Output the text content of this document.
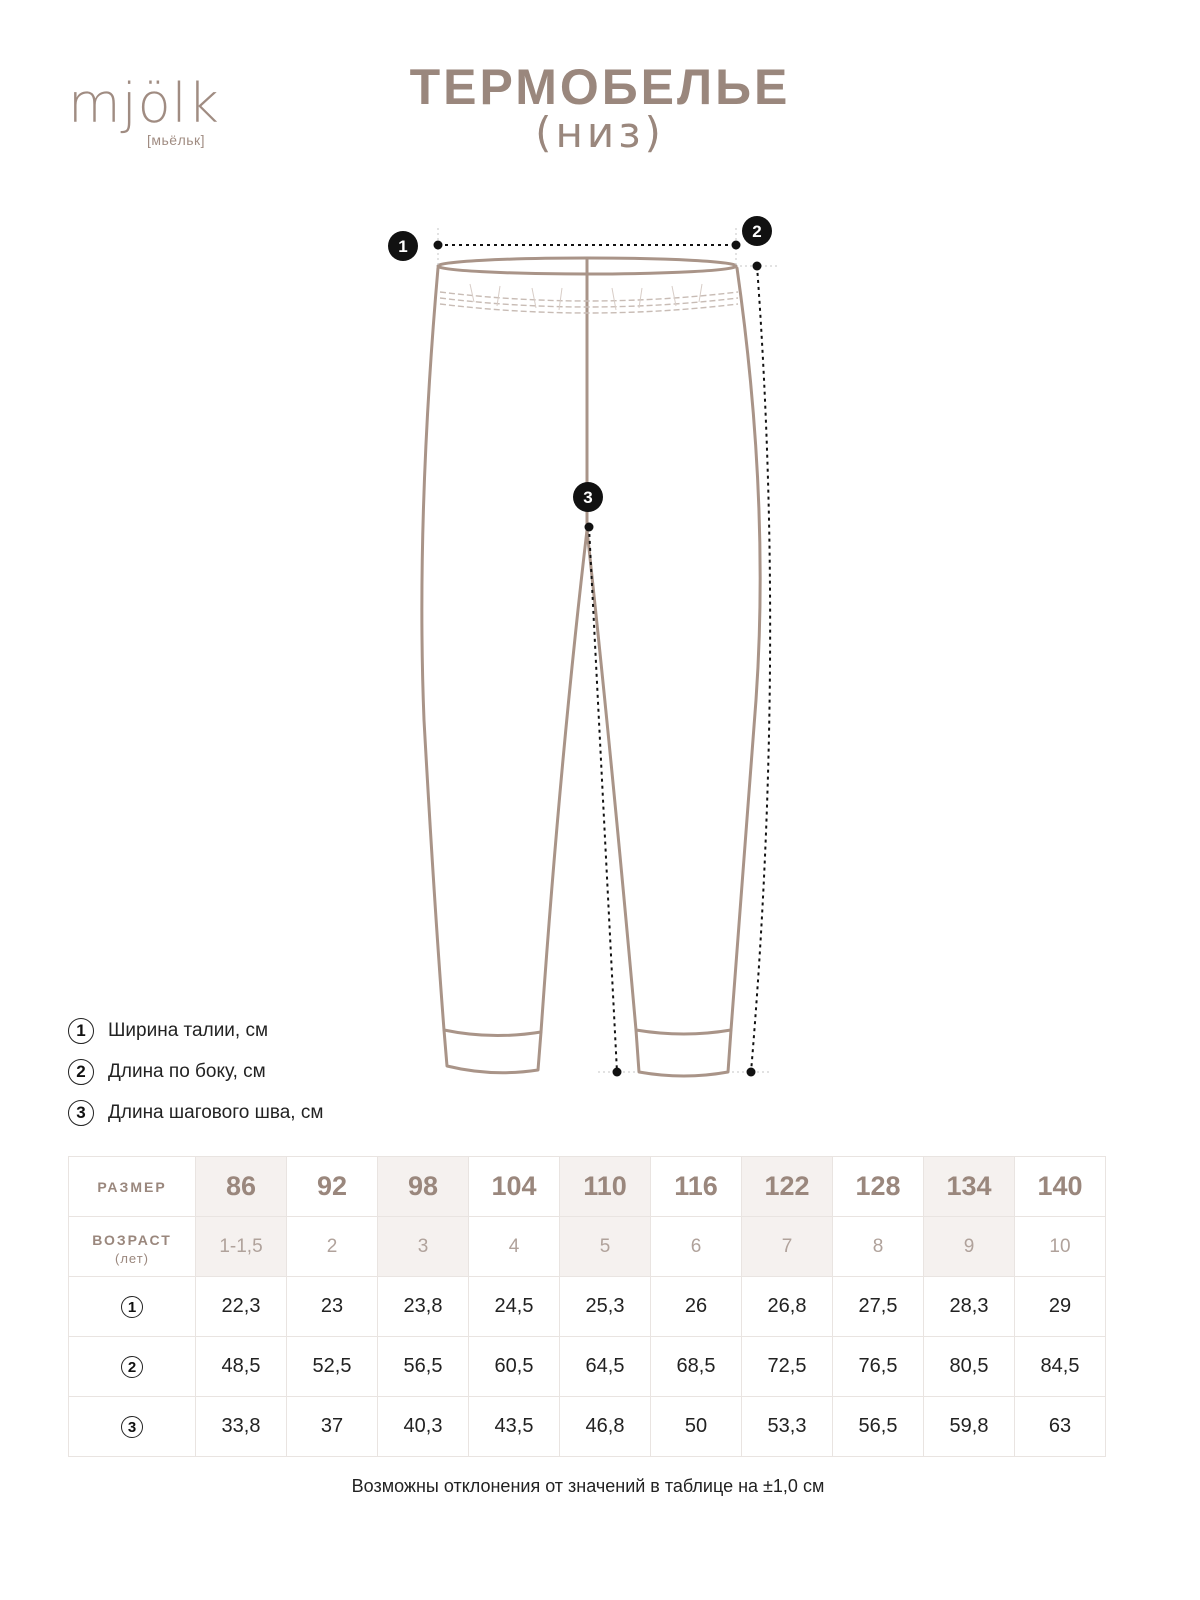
mjölk
[мьёльк]
ТЕРМОБЕЛЬЕ
(низ)
1
2
3
1	Ширина талии, см
2	Длина по боку, см
3	Длина шагового шва, см
РАЗМЕР	86	92	98	104	110	116	122	128	134	140
ВОЗРАСТ
(лет)	1-1,5	2	3	4	5	6	7	8	9	10
1	22,3	23	23,8	24,5	25,3	26	26,8	27,5	28,3	29
2	48,5	52,5	56,5	60,5	64,5	68,5	72,5	76,5	80,5	84,5
3	33,8	37	40,3	43,5	46,8	50	53,3	56,5	59,8	63
Возможны отклонения от значений в таблице на ±1,0 см
